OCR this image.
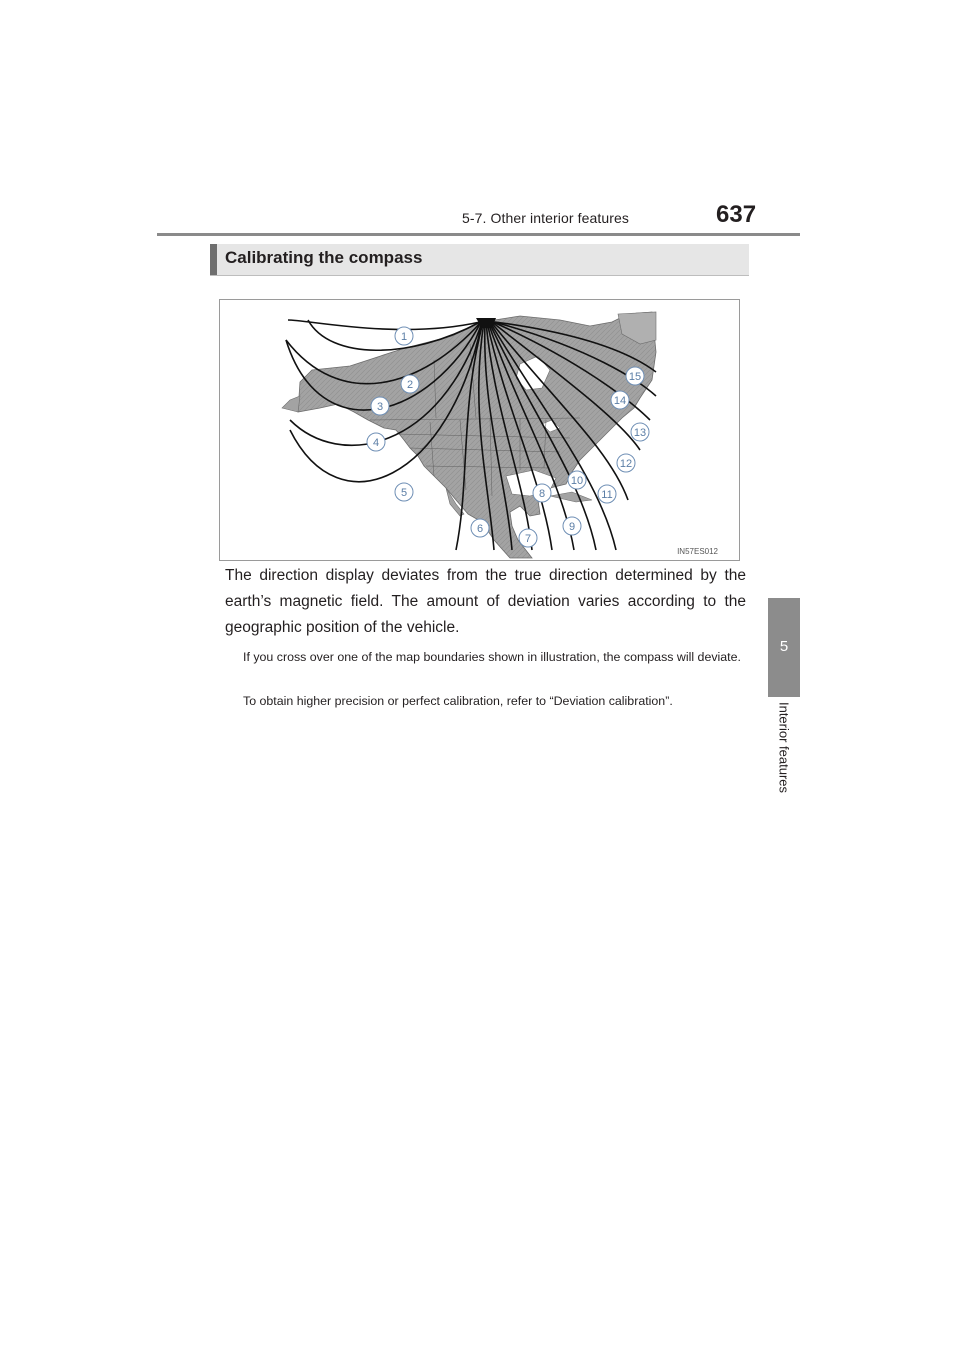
5-7. Other interior features	637
5
Interior features
Calibrating the compass
1
2
3
4
5
6
7
8
9
10
11
12
13
14
15
IN57ES012

The direction display deviates from the true direction determined by the earth’s magnetic field. The amount of deviation varies according to the geographic position of the vehicle.

If you cross over one of the map boundaries shown in illustration, the compass will deviate.

To obtain higher precision or perfect calibration, refer to “Deviation calibration”.
